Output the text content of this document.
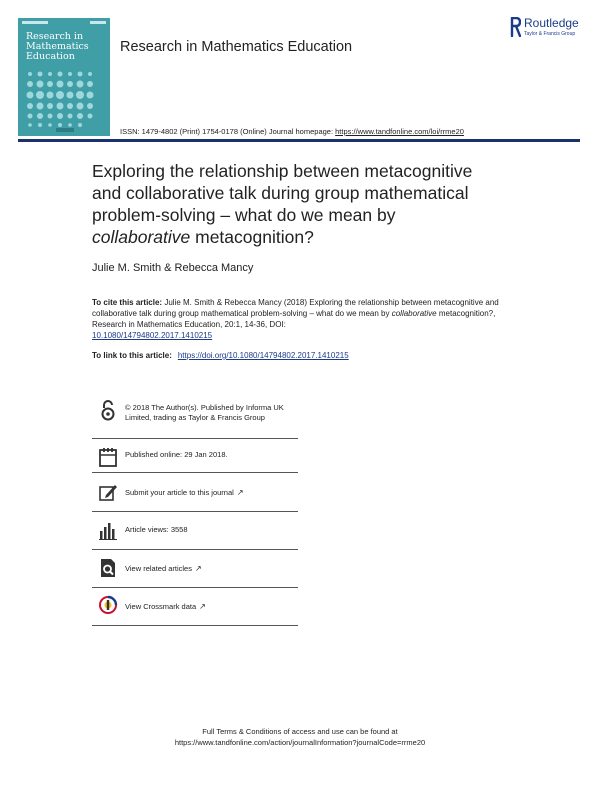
Research in Mathematics Education
Research in Mathematics Education
Routledge
Taylor & Francis Group
ISSN: 1479-4802 (Print) 1754-0178 (Online) Journal homepage: https://www.tandfonline.com/loi/rrme20
Exploring the relationship between metacognitive
and collaborative talk during group mathematical
problem-solving – what do we mean by
collaborative metacognition?
Julie M. Smith & Rebecca Mancy
To cite this article: Julie M. Smith & Rebecca Mancy (2018) Exploring the relationship between metacognitive and collaborative talk during group mathematical problem-solving – what do we mean by collaborative metacognition?, Research in Mathematics Education, 20:1, 14-36, DOI:
10.1080/14794802.2017.1410215
To link to this article: https://doi.org/10.1080/14794802.2017.1410215
© 2018 The Author(s). Published by Informa UK Limited, trading as Taylor & Francis Group
Published online: 29 Jan 2018.
Submit your article to this journal ↗
Article views: 3558
View related articles ↗
View Crossmark data ↗
Full Terms & Conditions of access and use can be found at
https://www.tandfonline.com/action/journalInformation?journalCode=rrme20
